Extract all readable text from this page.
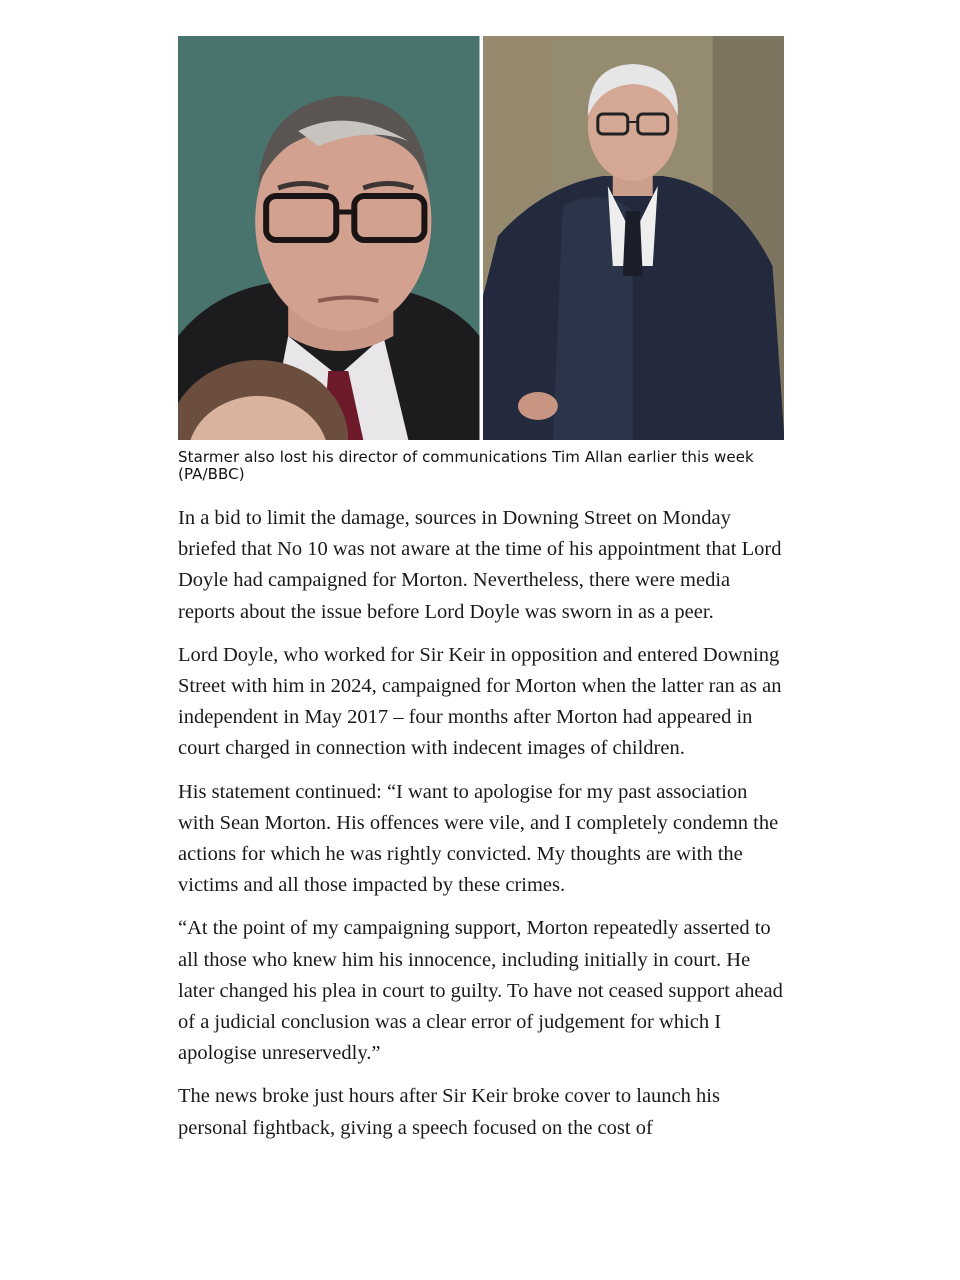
Starmer also lost his director of communications Tim Allan earlier this week (PA/BBC)

In a bid to limit the damage, sources in Downing Street on Monday briefed that No 10 was not aware at the time of his appointment that Lord Doyle had campaigned for Morton. Nevertheless, there were media reports about the issue before Lord Doyle was sworn in as a peer.

Lord Doyle, who worked for Sir Keir in opposition and entered Downing Street with him in 2024, campaigned for Morton when the latter ran as an independent in May 2017 – four months after Morton had appeared in court charged in connection with indecent images of children.

His statement continued: “I want to apologise for my past association with Sean Morton. His offences were vile, and I completely condemn the actions for which he was rightly convicted. My thoughts are with the victims and all those impacted by these crimes.

“At the point of my campaigning support, Morton repeatedly asserted to all those who knew him his innocence, including initially in court. He later changed his plea in court to guilty. To have not ceased support ahead of a judicial conclusion was a clear error of judgement for which I apologise unreservedly.”

The news broke just hours after Sir Keir broke cover to launch his personal fightback, giving a speech focused on the cost of
